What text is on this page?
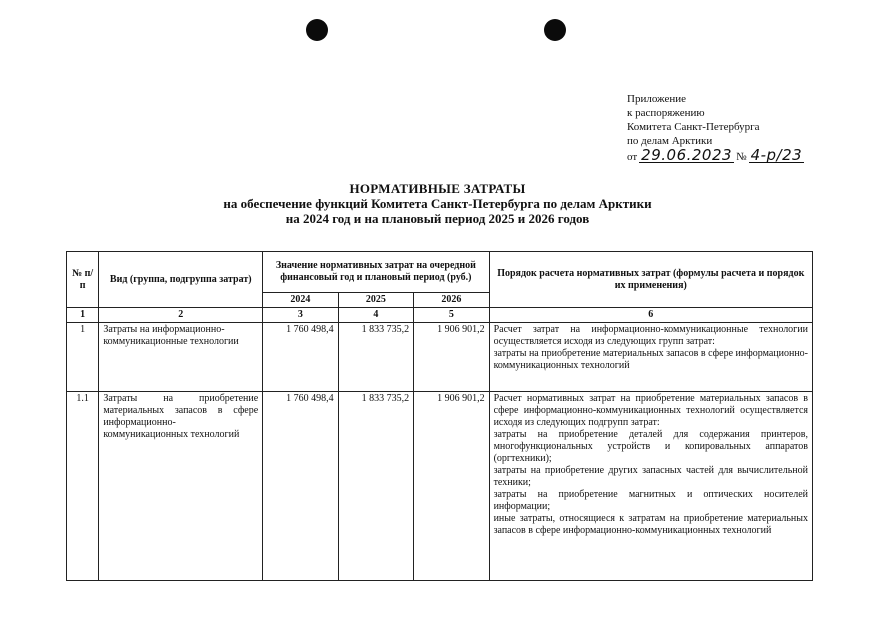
Приложение
к распоряжению
Комитета Санкт-Петербурга
по делам Арктики
от 29.06.2023 № 4-р/23
НОРМАТИВНЫЕ ЗАТРАТЫ
на обеспечение функций Комитета Санкт-Петербурга по делам Арктики
на 2024 год и на плановый период 2025 и 2026 годов
№ п/п	Вид (группа, подгруппа затрат)	Значение нормативных затрат на очередной финансовый год и плановый период (руб.)			Порядок расчета нормативных затрат (формулы расчета и порядок их применения)
		2024	2025	2026	
1	2	3	4	5	6
1	Затраты на информационно-коммуникационные технологии	1 760 498,4	1 833 735,2	1 906 901,2	Расчет затрат на информационно-коммуникационные технологии осуществляется исходя из следующих групп затрат:

затраты на приобретение материальных запасов в сфере информационно-коммуникационных технологий

1.1	Затраты на приобретение материальных запасов в сфере информационно-коммуникационных технологий	1 760 498,4	1 833 735,2	1 906 901,2	Расчет нормативных затрат на приобретение материальных запасов в сфере информационно-коммуникационных технологий осуществляется исходя из следующих подгрупп затрат:

затраты на приобретение деталей для содержания принтеров, многофункциональных устройств и копировальных аппаратов (оргтехники);

затраты на приобретение других запасных частей для вычислительной техники;

затраты на приобретение магнитных и оптических носителей информации;

иные затраты, относящиеся к затратам на приобретение материальных запасов в сфере информационно-коммуникационных технологий
